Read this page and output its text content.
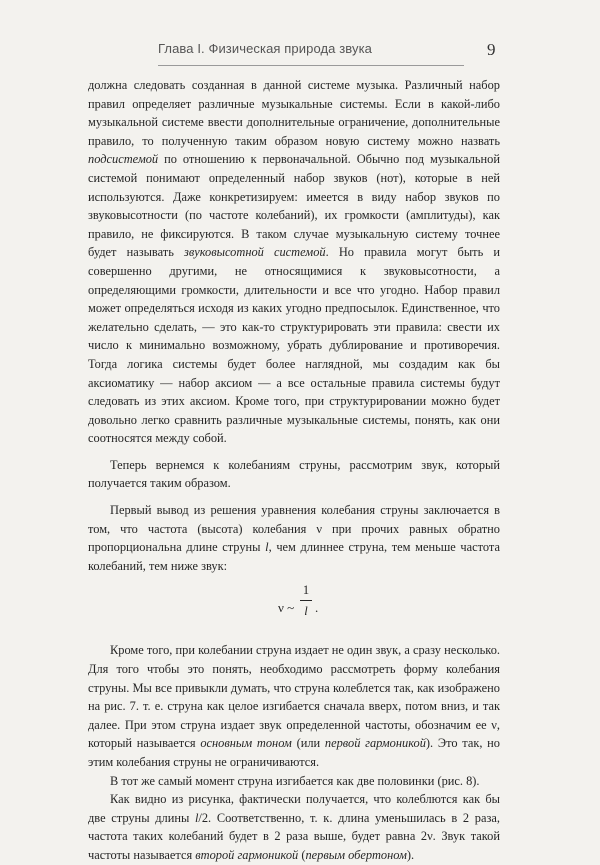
Глава I. Физическая природа звука	9

должна следовать созданная в данной системе музыка. Различный набор правил определяет различные музыкальные системы. Если в какой-либо музыкальной системе ввести дополнительные ограничение, дополнительные правило, то полученную таким образом новую систему можно назвать подсистемой по отношению к первоначальной. Обычно под музыкальной системой понимают определенный набор звуков (нот), которые в ней используются. Даже конкретизируем: имеется в виду набор звуков по звуковысотности (по частоте колебаний), их громкости (амплитуды), как правило, не фиксируются. В таком случае музыкальную систему точнее будет называть звуковысотной системой. Но правила могут быть и совершенно другими, не относящимися к звуковысотности, а определяющими громкости, длительности и все что угодно. Набор правил может определяться исходя из каких угодно предпосылок. Единственное, что желательно сделать, — это как-то структурировать эти правила: свести их число к минимально возможному, убрать дублирование и противоречия. Тогда логика системы будет более наглядной, мы создадим как бы аксиоматику — набор аксиом — а все остальные правила системы будут следовать из этих аксиом. Кроме того, при структурировании можно будет довольно легко сравнить различные музыкальные системы, понять, как они соотносятся между собой.

Теперь вернемся к колебаниям струны, рассмотрим звук, который получается таким образом.

Первый вывод из решения уравнения колебания струны заключается в том, что частота (высота) колебания ν при прочих равных обратно пропорциональна длине струны l, чем длиннее струна, тем меньше частота колебаний, тем ниже звук:

ν ~
1
l .

Кроме того, при колебании струна издает не один звук, а сразу несколько. Для того чтобы это понять, необходимо рассмотреть форму колебания струны. Мы все привыкли думать, что струна колеблется так, как изображено на рис. 7. т. е. струна как целое изгибается сначала вверх, потом вниз, и так далее. При этом струна издает звук определенной частоты, обозначим ее ν, который называется основным тоном (или первой гармоникой). Это так, но этим колебания струны не ограничиваются.

В тот же самый момент струна изгибается как две половинки (рис. 8).

Как видно из рисунка, фактически получается, что колеблются как бы две струны длины l/2. Соответственно, т. к. длина уменьшилась в 2 раза, частота таких колебаний будет в 2 раза выше, будет равна 2ν. Звук такой частоты называется второй гармоникой (первым обертоном).
